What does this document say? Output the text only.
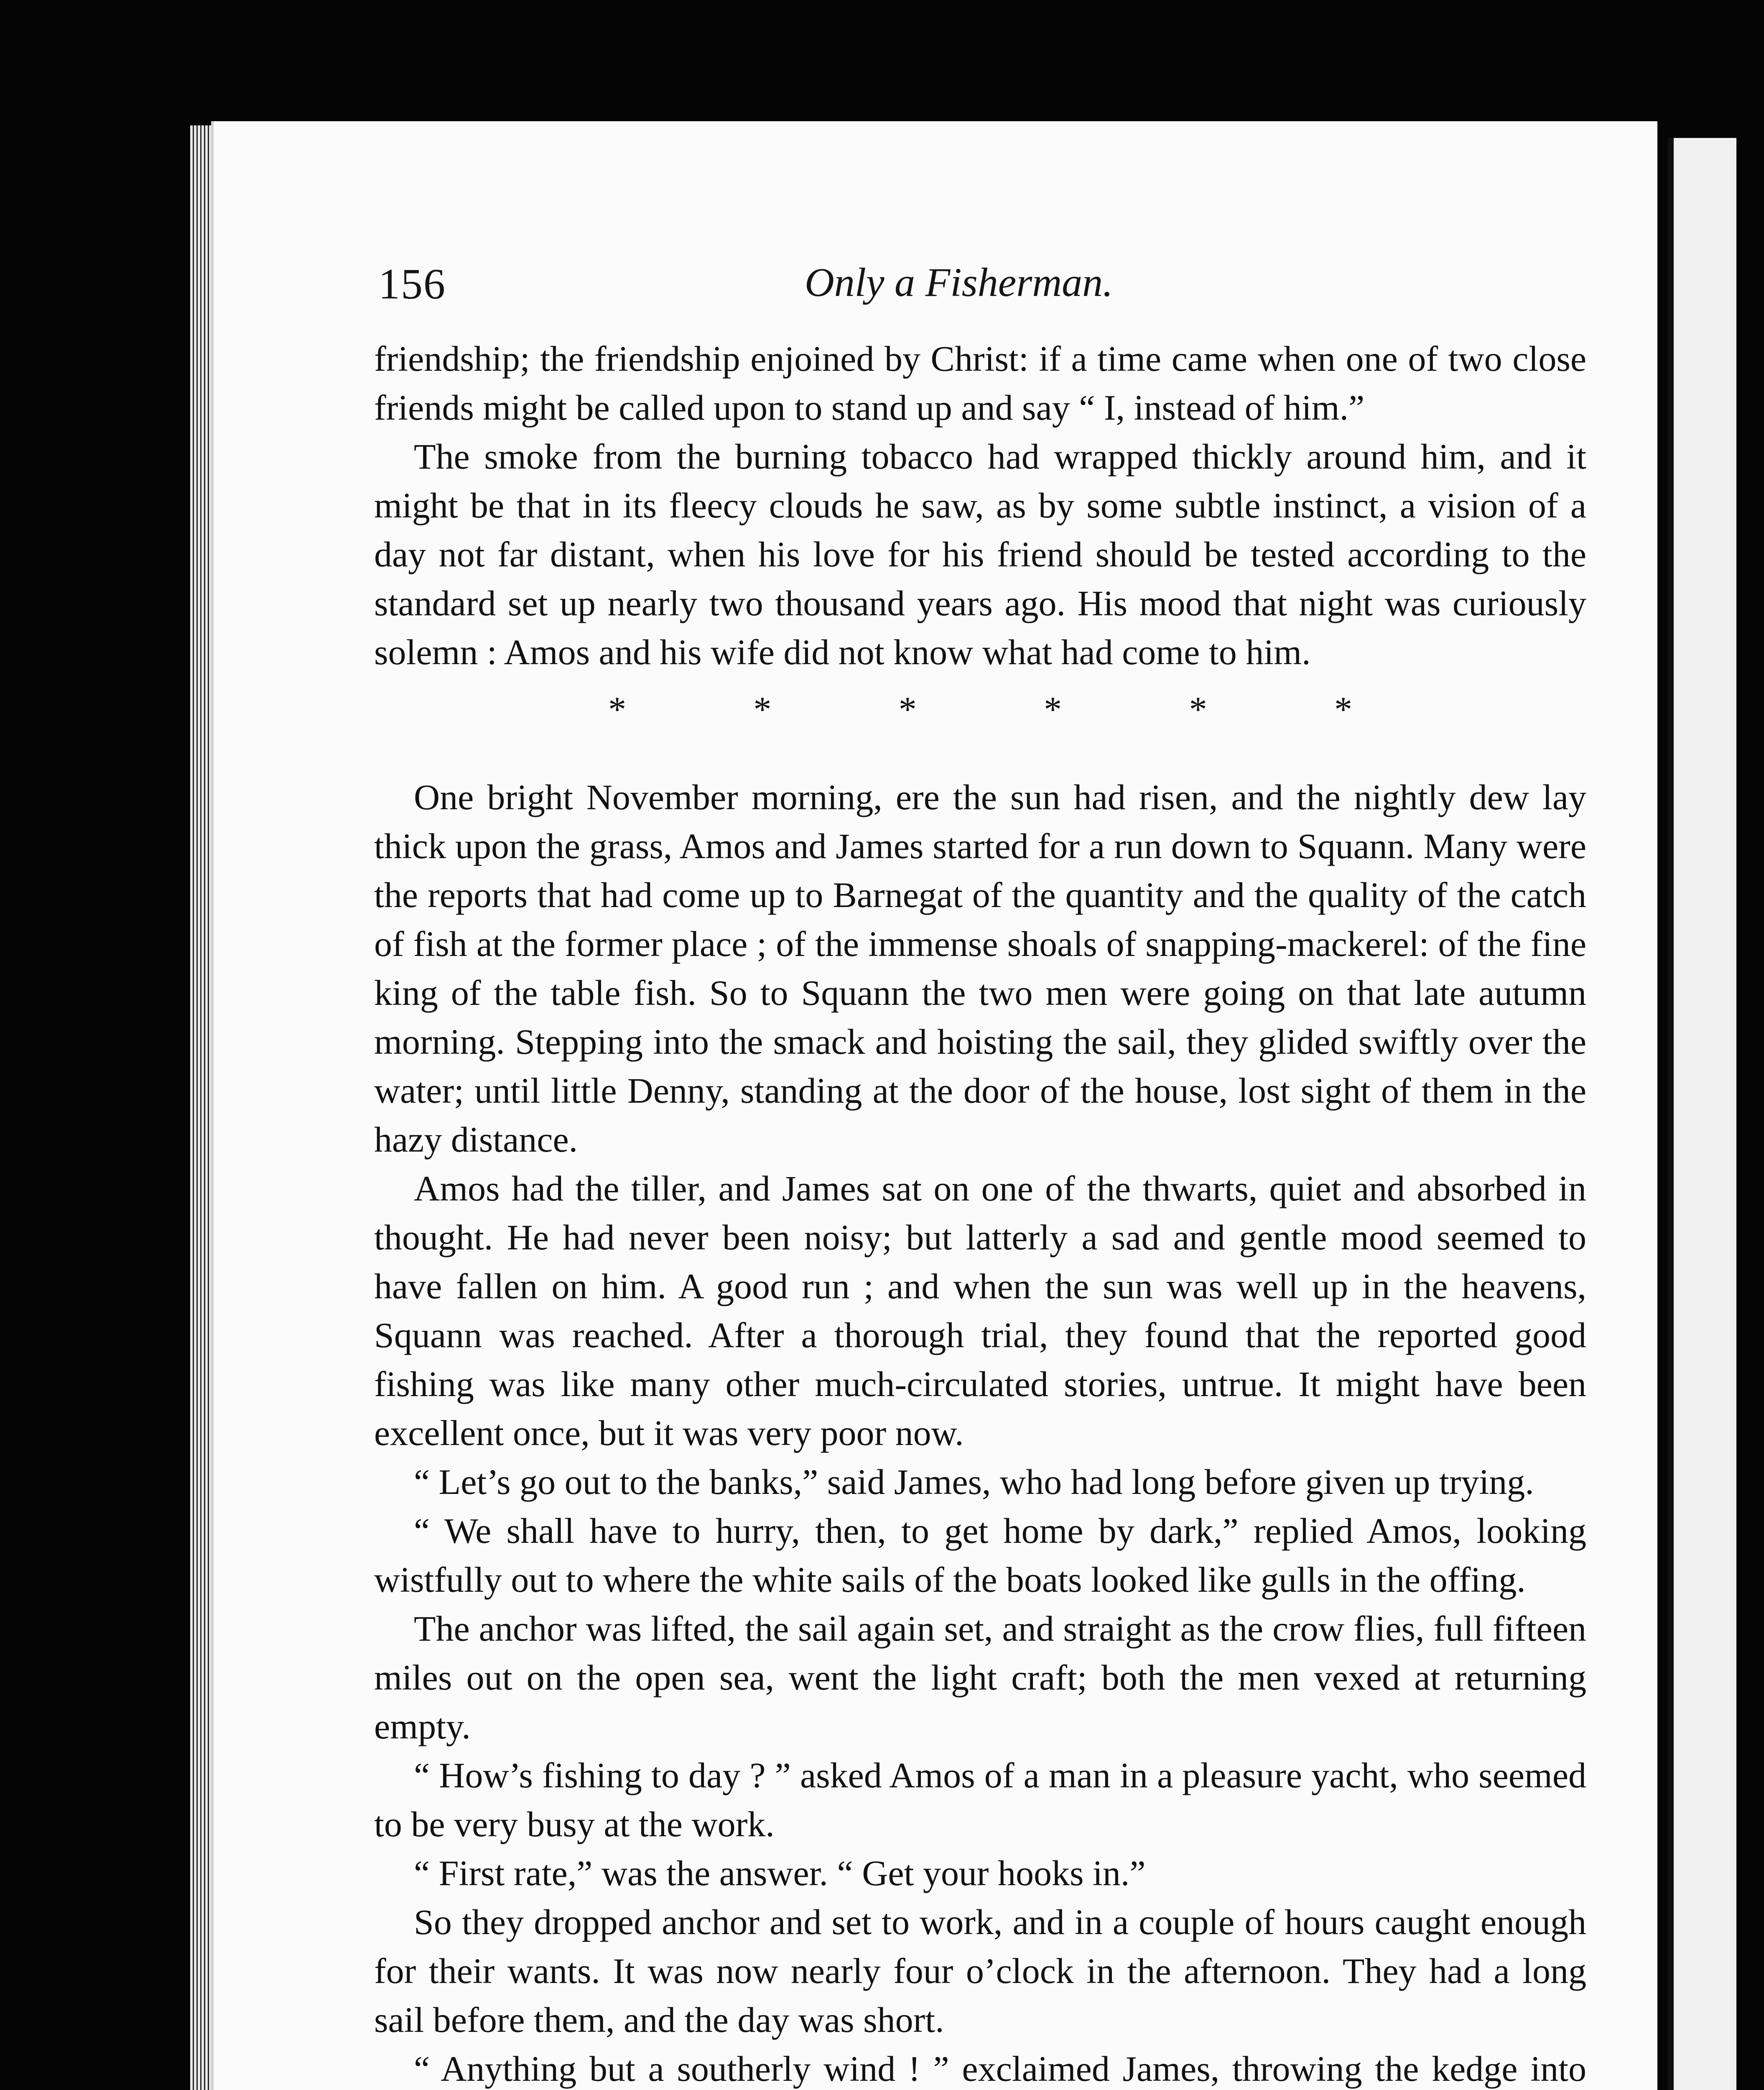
156	Only a Fisherman.

friendship; the friendship enjoined by Christ: if a time came when one of two close friends might be called upon to stand up and say “ I, instead of him.”

The smoke from the burning tobacco had wrapped thickly around him, and it might be that in its fleecy clouds he saw, as by some subtle instinct, a vision of a day not far distant, when his love for his friend should be tested according to the standard set up nearly two thousand years ago. His mood that night was curiously solemn : Amos and his wife did not know what had come to him.

*	*	*	*	*	*

One bright November morning, ere the sun had risen, and the nightly dew lay thick upon the grass, Amos and James started for a run down to Squann. Many were the reports that had come up to Barnegat of the quantity and the quality of the catch of fish at the former place ; of the immense shoals of snapping-mackerel: of the fine king of the table fish. So to Squann the two men were going on that late autumn morning. Stepping into the smack and hoisting the sail, they glided swiftly over the water; until little Denny, standing at the door of the house, lost sight of them in the hazy distance.

Amos had the tiller, and James sat on one of the thwarts, quiet and absorbed in thought. He had never been noisy; but latterly a sad and gentle mood seemed to have fallen on him. A good run ; and when the sun was well up in the heavens, Squann was reached. After a thorough trial, they found that the reported good fishing was like many other much-circulated stories, untrue. It might have been excellent once, but it was very poor now.

“ Let’s go out to the banks,” said James, who had long before given up trying.

“ We shall have to hurry, then, to get home by dark,” replied Amos, looking wistfully out to where the white sails of the boats looked like gulls in the offing.

The anchor was lifted, the sail again set, and straight as the crow flies, full fifteen miles out on the open sea, went the light craft; both the men vexed at returning empty.

“ How’s fishing to day ? ” asked Amos of a man in a pleasure yacht, who seemed to be very busy at the work.

“ First rate,” was the answer. “ Get your hooks in.”

So they dropped anchor and set to work, and in a couple of hours caught enough for their wants. It was now nearly four o’clock in the afternoon. They had a long sail before them, and the day was short.

“ Anything but a southerly wind ! ” exclaimed James, throwing the kedge into
